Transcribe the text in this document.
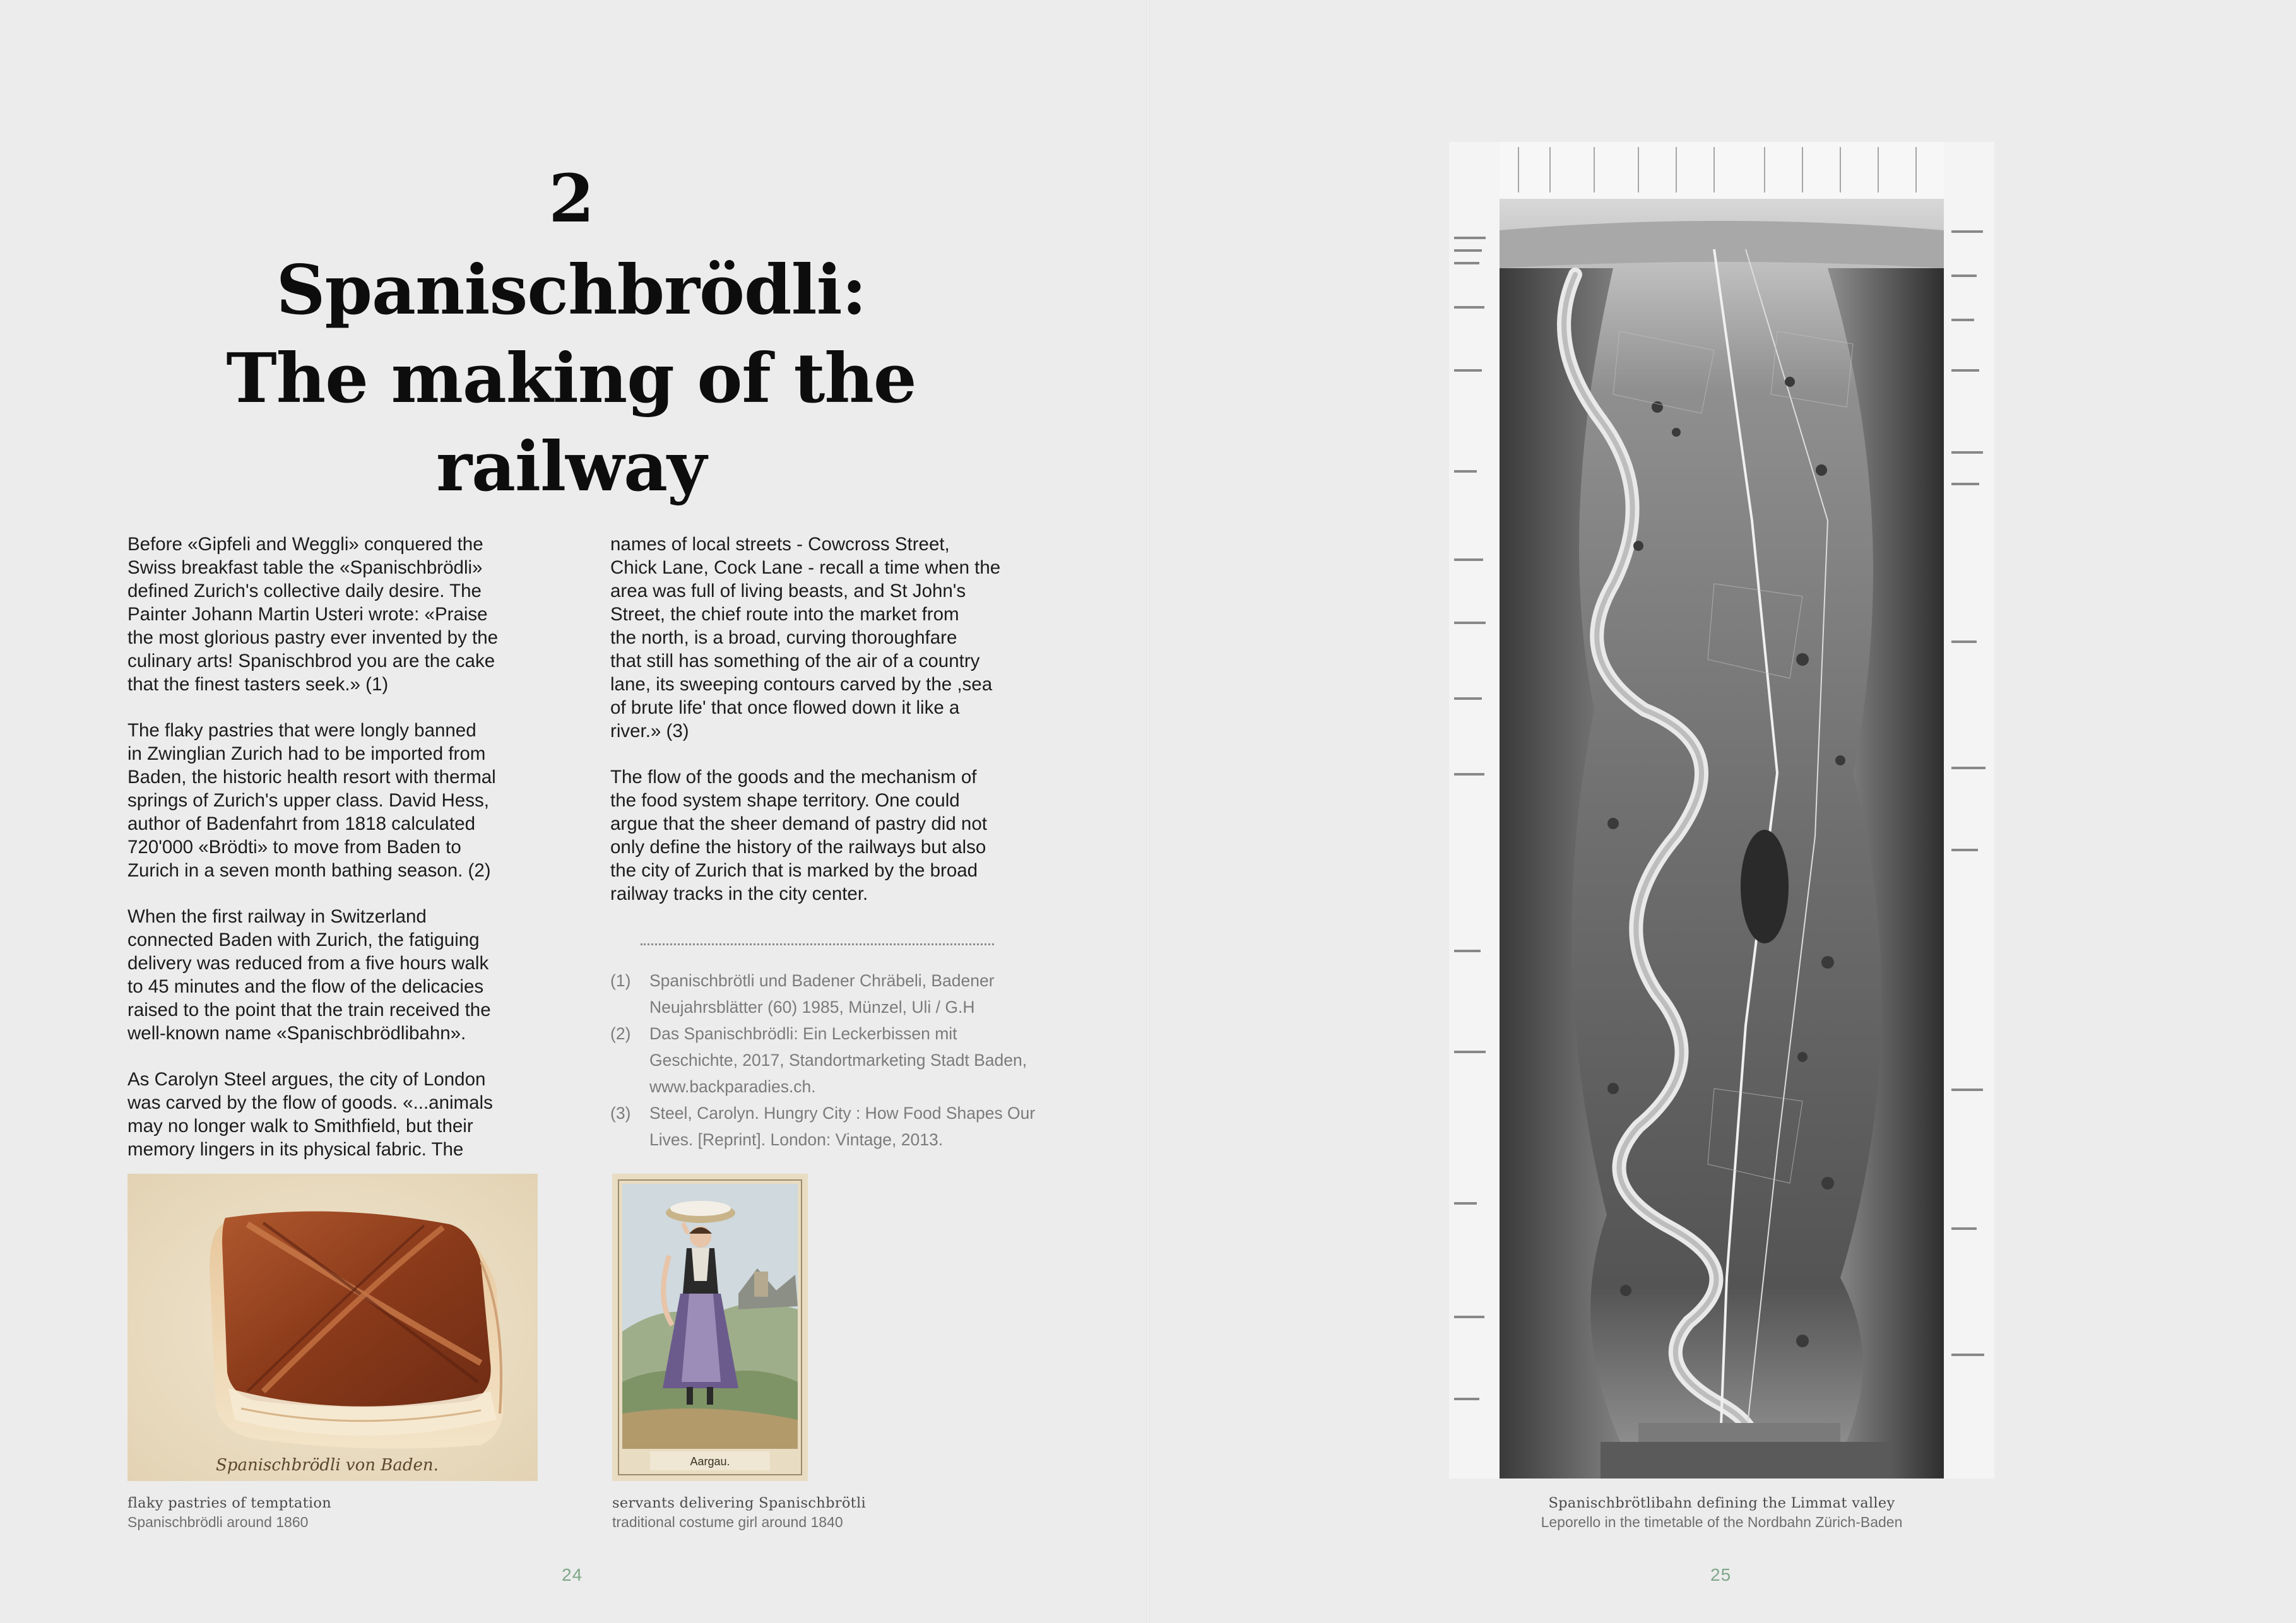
2
Spanischbrödli:
The making of the railway

Before «Gipfeli and Weggli» conquered the
Swiss breakfast table the «Spanischbrödli»
defined Zurich's collective daily desire. The
Painter Johann Martin Usteri wrote: «Praise
the most glorious pastry ever invented by the
culinary arts! Spanischbrod you are the cake
that the finest tasters seek.» (1)

The flaky pastries that were longly banned
in Zwinglian Zurich had to be imported from
Baden, the historic health resort with thermal
springs of Zurich's upper class. David Hess,
author of Badenfahrt from 1818 calculated
720'000 «Brödti» to move from Baden to
Zurich in a seven month bathing season. (2)

When the first railway in Switzerland
connected Baden with Zurich, the fatiguing
delivery was reduced from a five hours walk
to 45 minutes and the flow of the delicacies
raised to the point that the train received the
well-known name «Spanischbrödlibahn».

As Carolyn Steel argues, the city of London
was carved by the flow of goods. «...animals
may no longer walk to Smithfield, but their
memory lingers in its physical fabric. The

names of local streets - Cowcross Street,
Chick Lane, Cock Lane - recall a time when the
area was full of living beasts, and St John's
Street, the chief route into the market from
the north, is a broad, curving thoroughfare
that still has something of the air of a country
lane, its sweeping contours carved by the ,sea
of brute life' that once flowed down it like a
river.» (3)

The flow of the goods and the mechanism of
the food system shape territory. One could
argue that the sheer demand of pastry did not
only define the history of the railways but also
the city of Zurich that is marked by the broad
railway tracks in the city center.

(1)	Spanischbrötli und Badener Chräbeli, Badener
Neujahrsblätter (60) 1985, Münzel, Uli / G.H
(2)	Das Spanischbrödli: Ein Leckerbissen mit
Geschichte, 2017, Standortmarketing Stadt Baden,
www.backparadies.ch.
(3)	Steel, Carolyn. Hungry City : How Food Shapes Our
Lives. [Reprint]. London: Vintage, 2013.
Spanischbrödli von Baden.
flaky pastries of temptation
Spanischbrödli around 1860
Aargau.
servants delivering Spanischbrötli
traditional costume girl around 1840
24
Spanischbrötlibahn defining the Limmat valley
Leporello in the timetable of the Nordbahn Zürich-Baden
25
